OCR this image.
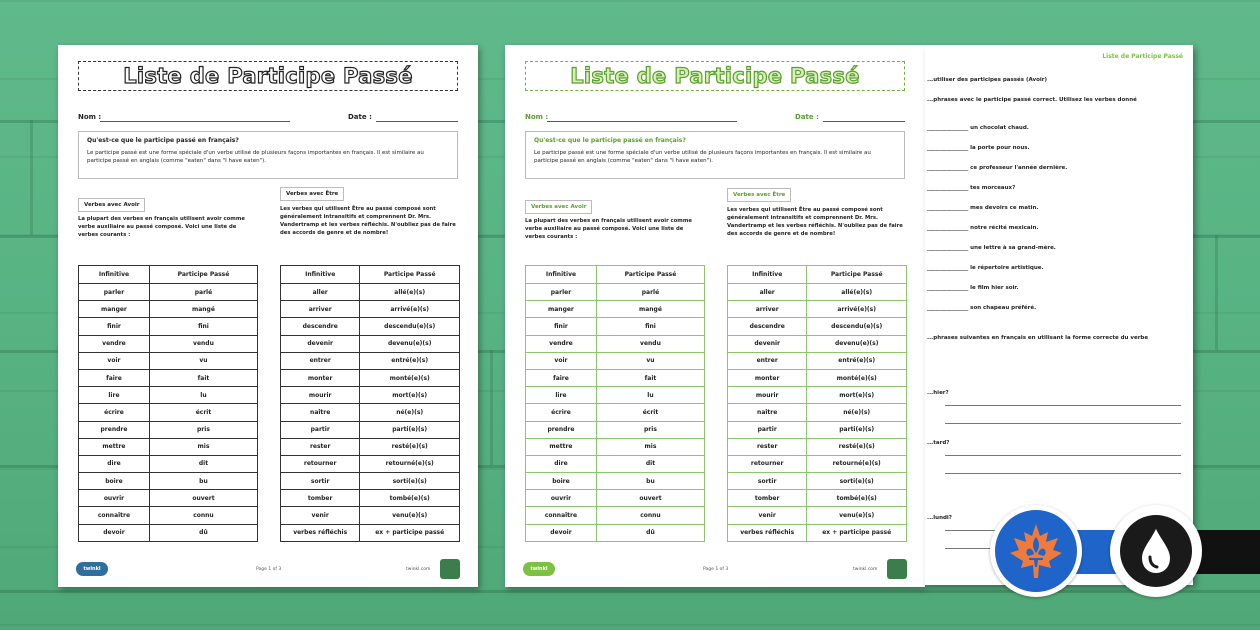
Liste de Participe Passé
Nom :	Date :
Qu'est-ce que le participe passé en français?
Le participe passé est une forme spéciale d'un verbe utilisé de plusieurs façons importantes en français. Il est similaire au participe passé en anglais (comme "eaten" dans "I have eaten").
Verbes avec Avoir
La plupart des verbes en français utilisent avoir comme verbe auxiliaire au passé composé. Voici une liste de verbes courants :
Verbes avec Être
Les verbes qui utilisent Être au passé composé sont généralement intransitifs et comprennent Dr. Mrs. Vandertramp et les verbes réfléchis. N'oubliez pas de faire des accords de genre et de nombre!
Infinitive	Participe Passé
parler	parlé
manger	mangé
finir	fini
vendre	vendu
voir	vu
faire	fait
lire	lu
écrire	écrit
prendre	pris
mettre	mis
dire	dit
boire	bu
ouvrir	ouvert
connaître	connu
devoir	dû
Infinitive	Participe Passé
aller	allé(e)(s)
arriver	arrivé(e)(s)
descendre	descendu(e)(s)
devenir	devenu(e)(s)
entrer	entré(e)(s)
monter	monté(e)(s)
mourir	mort(e)(s)
naître	né(e)(s)
partir	parti(e)(s)
rester	resté(e)(s)
retourner	retourné(e)(s)
sortir	sorti(e)(s)
tomber	tombé(e)(s)
venir	venu(e)(s)
verbes réfléchis	ex + participe passé
twinkl	Page 1 of 3	twinkl.com
Liste de Participe Passé
Nom :	Date :
Qu'est-ce que le participe passé en français?
Le participe passé est une forme spéciale d'un verbe utilisé de plusieurs façons importantes en français. Il est similaire au participe passé en anglais (comme "eaten" dans "I have eaten").
Verbes avec Avoir
La plupart des verbes en français utilisent avoir comme verbe auxiliaire au passé composé. Voici une liste de verbes courants :
Verbes avec Être
Les verbes qui utilisent Être au passé composé sont généralement intransitifs et comprennent Dr. Mrs. Vandertramp et les verbes réfléchis. N'oubliez pas de faire des accords de genre et de nombre!
Infinitive	Participe Passé
parler	parlé
manger	mangé
finir	fini
vendre	vendu
voir	vu
faire	fait
lire	lu
écrire	écrit
prendre	pris
mettre	mis
dire	dit
boire	bu
ouvrir	ouvert
connaître	connu
devoir	dû
Infinitive	Participe Passé
aller	allé(e)(s)
arriver	arrivé(e)(s)
descendre	descendu(e)(s)
devenir	devenu(e)(s)
entrer	entré(e)(s)
monter	monté(e)(s)
mourir	mort(e)(s)
naître	né(e)(s)
partir	parti(e)(s)
rester	resté(e)(s)
retourner	retourné(e)(s)
sortir	sorti(e)(s)
tomber	tombé(e)(s)
venir	venu(e)(s)
verbes réfléchis	ex + participe passé
twinkl	Page 1 of 3	twinkl.com
Liste de Participe Passé
...utiliser des participes passés (Avoir)
...phrases avec le participe passé correct. Utilisez les verbes donné
_______________ un chocolat chaud.
_______________ la porte pour nous.
_______________ ce professeur l'année dernière.
_______________ tes morceaux?
_______________ mes devoirs ce matin.
_______________ notre récité mexicain.
_______________ une lettre à sa grand-mère.
_______________ le répertoire artistique.
_______________ le film hier soir.
_______________ son chapeau préféré.
...phrases suivantes en français en utilisant la forme correcte du verbe
...hier?
...tard?
...lundi?
